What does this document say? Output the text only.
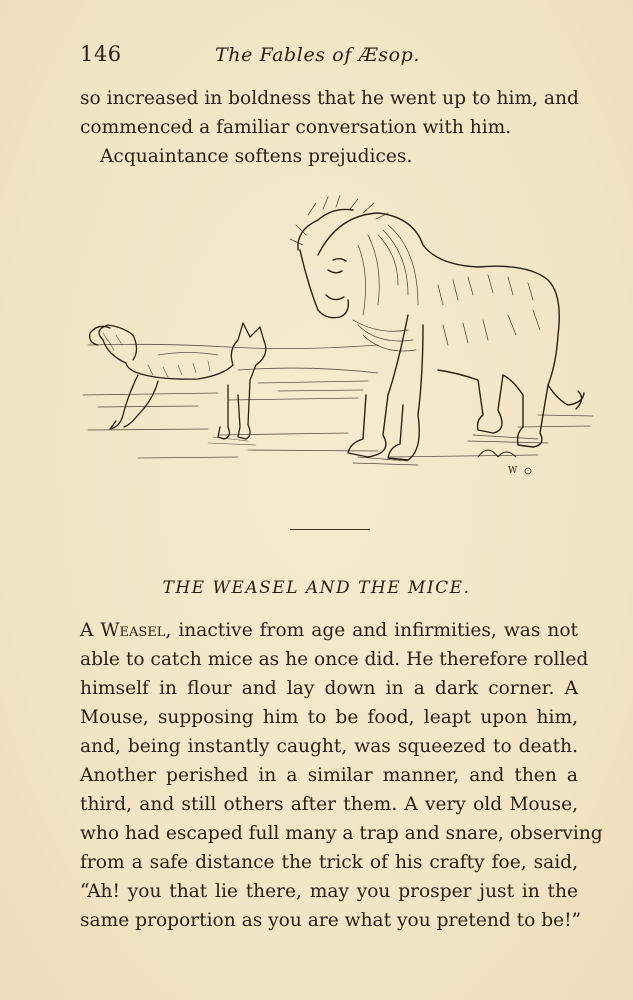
146	The Fables of Æsop.
so increased in boldness that he went up to him, and
commenced a familiar conversation with him.
Acquaintance softens prejudices.
W
THE WEASEL AND THE MICE.
A Weasel, inactive from age and infirmities, was not
able to catch mice as he once did. He therefore rolled
himself in flour and lay down in a dark corner. A
Mouse, supposing him to be food, leapt upon him,
and, being instantly caught, was squeezed to death.
Another perished in a similar manner, and then a
third, and still others after them. A very old Mouse,
who had escaped full many a trap and snare, observing
from a safe distance the trick of his crafty foe, said,
“Ah! you that lie there, may you prosper just in the
same proportion as you are what you pretend to be!”
